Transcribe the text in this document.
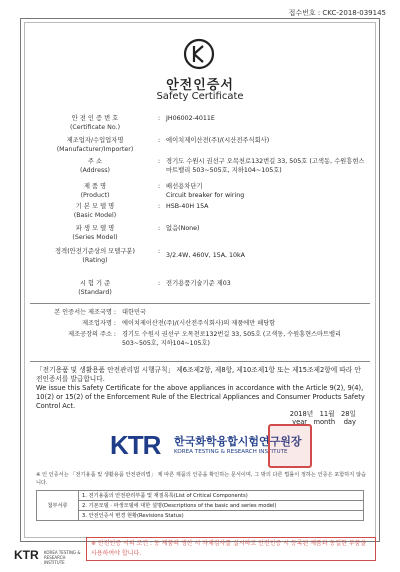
접수번호 : CKC-2018-039145
안전인증서
Safety Certificate
안 전 인 증 번 호
(Certificate No.)
: JH06002-4011E
제조업자/수입업자명
(Manufacturer/Importer)
: 에이치제이산전(주)/(시산전주식회사)
주 소
(Address)
: 경기도 수원시 권선구 오목천로132번길 33, 505호 (고색동, 수원흥현스마트밸리 503~505호, 지하104~105호)
제 품 명
(Product)
: 배선용차단기
Circuit breaker for wiring
기 본 모 델 명
(Basic Model)
: HSB-40H 15A
파 생 모 델 명
(Series Model)
: 없음(None)
정격(안전기준상의 모델구분)
(Rating)
:
3/2.4W, 460V, 15A, 10kA
시 험 기 준
(Standard)
: 전기용품기술기준 제03
본 인증서는 제조국명 : 대한민국
제조업자명 : 에이치제이산전(주)/(시산전주식회사)의 제품에만 해당함
제조공장의 주소 : 경기도 수원시 권선구 오목천로132번길 33, 505호 (고색동, 수원흥현스마트밸리 503~505호, 지하104~105호)
「전기용품 및 생활용품 안전관리법 시행규칙」 제6조제2항, 제8항, 제10조제1항 또는 제15조제2항에 따라 안전인증서를 발급합니다.
We issue this Safety Certificate for the above appliances in accordance with the Article 9(2), 9(4), 10(2) or 15(2) of the Enforcement Rule of the Electrical Appliances and Consumer Products Safety Control Act.
2018년 11월 28일
year month day
KTR 한국화학융합시험연구원장
KOREA TESTING & RESEARCH INSTITUTE
※ 인 인증서는 「전기용품 및 생활용품 안전관리법」 제 따른 제품의 인증을 확인하는 문서이며, 그 밖의 다른 법률이 정하는 인증은 포함하지 않습니다.
첨부서류	1. 전기용품의 안전관리부품 및 재질목록(List of Critical Components)
2. 기본모델 · 파생모델에 대한 설명(Descriptions of the basic and series model)
3. 안전인증서 변경 현황(Revisions Status)
※ 안전인증 시의 조건 : 동 제품의 생산 시 자체검사를 실시하고 안전인증 시 등록된 제품과 동일한 부품을 사용하여야 합니다.
KTR KOREA TESTING & RESEARCH INSTITUTE
